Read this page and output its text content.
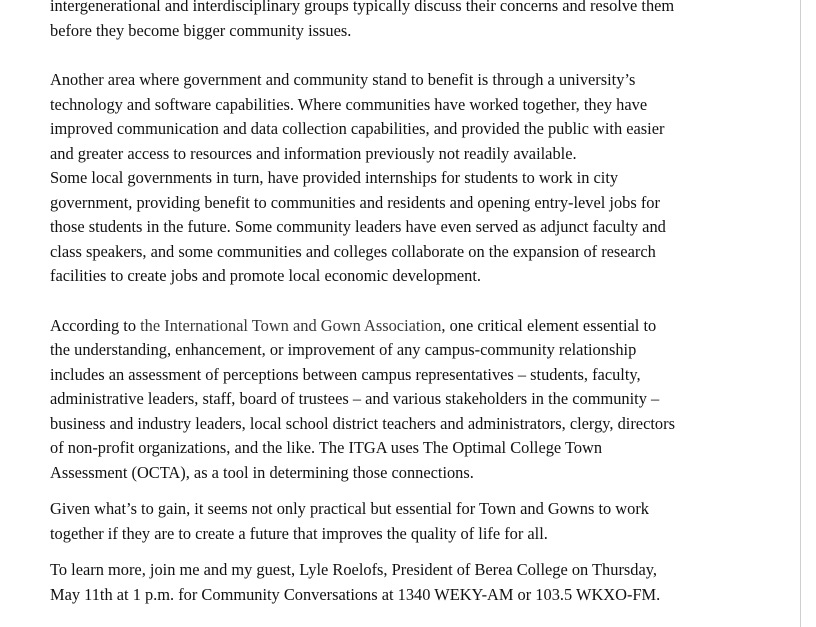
intergenerational and interdisciplinary groups typically discuss their concerns and resolve them
before they become bigger community issues.

Another area where government and community stand to benefit is through a university’s
technology and software capabilities. Where communities have worked together, they have
improved communication and data collection capabilities, and provided the public with easier
and greater access to resources and information previously not readily available.

Some local governments in turn, have provided internships for students to work in city
government, providing benefit to communities and residents and opening entry-level jobs for
those students in the future. Some community leaders have even served as adjunct faculty and
class speakers, and some communities and colleges collaborate on the expansion of research
facilities to create jobs and promote local economic development.

According to the International Town and Gown Association, one critical element essential to
the understanding, enhancement, or improvement of any campus-community relationship
includes an assessment of perceptions between campus representatives – students, faculty,
administrative leaders, staff, board of trustees – and various stakeholders in the community –
business and industry leaders, local school district teachers and administrators, clergy, directors
of non-profit organizations, and the like. The ITGA uses The Optimal College Town
Assessment (OCTA), as a tool in determining those connections.

Given what’s to gain, it seems not only practical but essential for Town and Gowns to work
together if they are to create a future that improves the quality of life for all.

To learn more, join me and my guest, Lyle Roelofs, President of Berea College on Thursday,
May 11th at 1 p.m. for Community Conversations at 1340 WEKY-AM or 103.5 WKXO-FM.
